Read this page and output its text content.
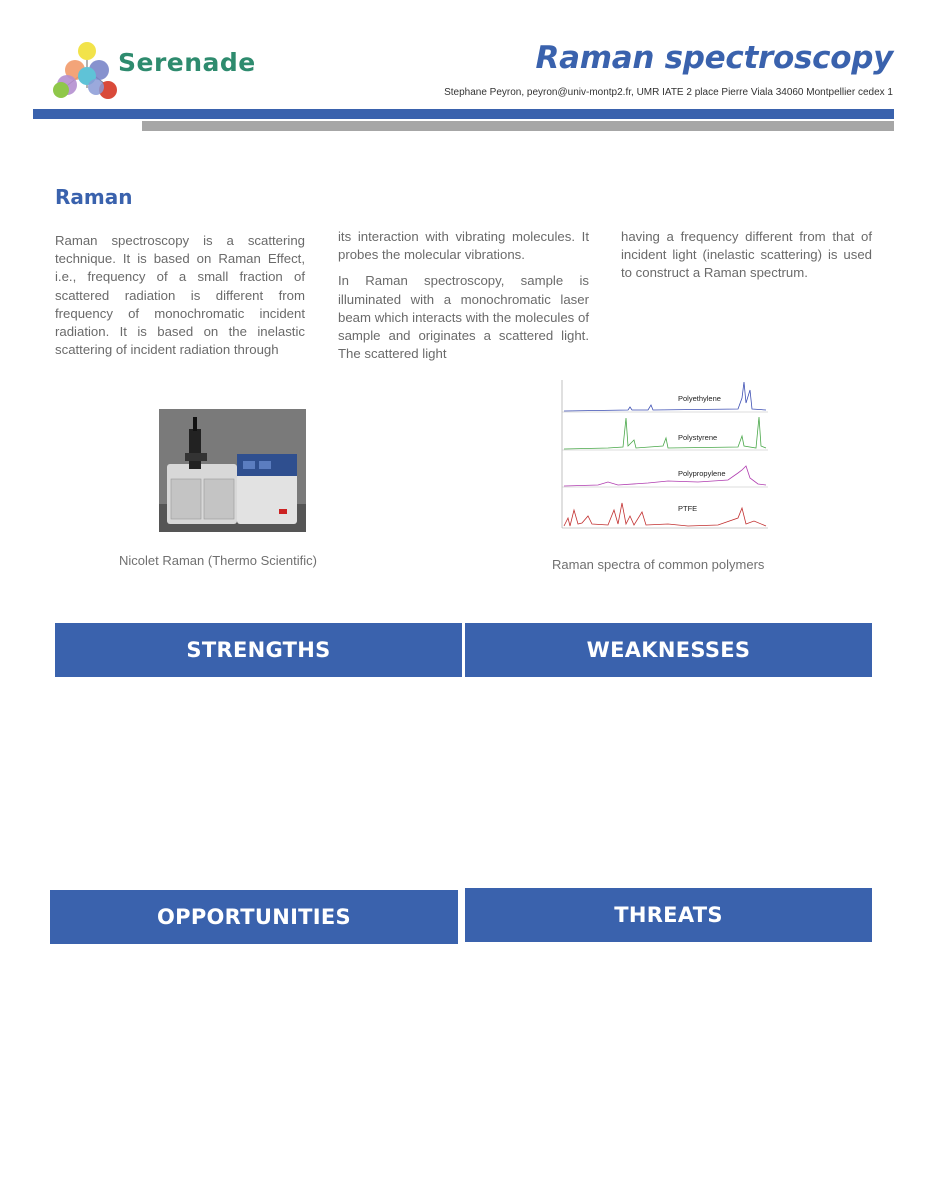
Serenade	Raman spectroscopy
Stephane Peyron, peyron@univ-montp2.fr, UMR IATE 2 place Pierre Viala 34060 Montpellier cedex 1
Raman

Raman spectroscopy is a scattering technique. It is based on Raman Effect, i.e., frequency of a small fraction of scattered radiation is different from frequency of monochromatic incident radiation. It is based on the inelastic scattering of incident radiation through

its interaction with vibrating molecules. It probes the molecular vibrations.

In Raman spectroscopy, sample is illuminated with a monochromatic laser beam which interacts with the molecules of sample and originates a scattered light. The scattered light

having a frequency different from that of incident light (inelastic scattering) is used to construct a Raman spectrum.

Nicolet Raman (Thermo Scientific)
Polyethylene
Polystyrene
Polypropylene
PTFE
Raman spectra of common polymers
STRENGTHS	WEAKNESSES
OPPORTUNITIES	THREATS
